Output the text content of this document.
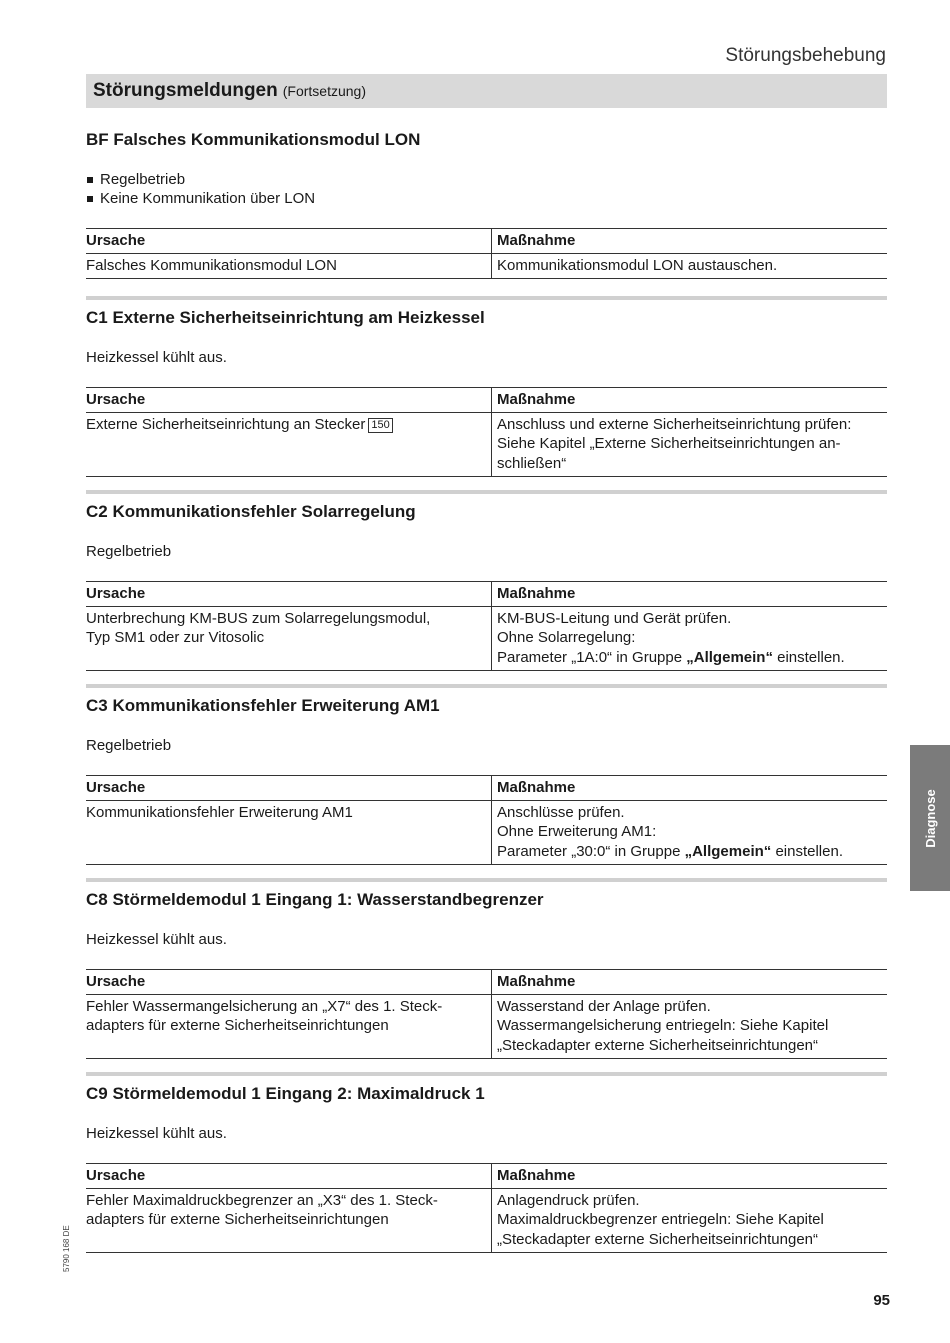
Störungsbehebung
Störungsmeldungen (Fortsetzung)
BF Falsches Kommunikationsmodul LON
Regelbetrieb
Keine Kommunikation über LON
Ursache	Maßnahme

Falsches Kommunikationsmodul LON	Kommunikationsmodul LON austauschen.
C1 Externe Sicherheitseinrichtung am Heizkessel
Heizkessel kühlt aus.
Ursache	Maßnahme

Externe Sicherheitseinrichtung an Stecker 150	Anschluss und externe Sicherheitseinrichtung prüfen:
Siehe Kapitel „Externe Sicherheitseinrichtungen an-
schließen“
C2 Kommunikationsfehler Solarregelung
Regelbetrieb
Ursache	Maßnahme

Unterbrechung KM-BUS zum Solarregelungsmodul,
Typ SM1 oder zur Vitosolic	KM-BUS-Leitung und Gerät prüfen.
Ohne Solarregelung:
Parameter „1A:0“ in Gruppe „Allgemein“ einstellen.
C3 Kommunikationsfehler Erweiterung AM1
Regelbetrieb
Ursache	Maßnahme

Kommunikationsfehler Erweiterung AM1	Anschlüsse prüfen.
Ohne Erweiterung AM1:
Parameter „30:0“ in Gruppe „Allgemein“ einstellen.
C8 Störmeldemodul 1 Eingang 1: Wasserstandbegrenzer
Heizkessel kühlt aus.
Ursache	Maßnahme

Fehler Wassermangelsicherung an „X7“ des 1. Steck-
adapters für externe Sicherheitseinrichtungen	Wasserstand der Anlage prüfen.
Wassermangelsicherung entriegeln: Siehe Kapitel
„Steckadapter externe Sicherheitseinrichtungen“
C9 Störmeldemodul 1 Eingang 2: Maximaldruck 1
Heizkessel kühlt aus.
Ursache	Maßnahme

Fehler Maximaldruckbegrenzer an „X3“ des 1. Steck-
adapters für externe Sicherheitseinrichtungen	Anlagendruck prüfen.
Maximaldruckbegrenzer entriegeln: Siehe Kapitel
„Steckadapter externe Sicherheitseinrichtungen“
Diagnose
5790 168 DE
95
